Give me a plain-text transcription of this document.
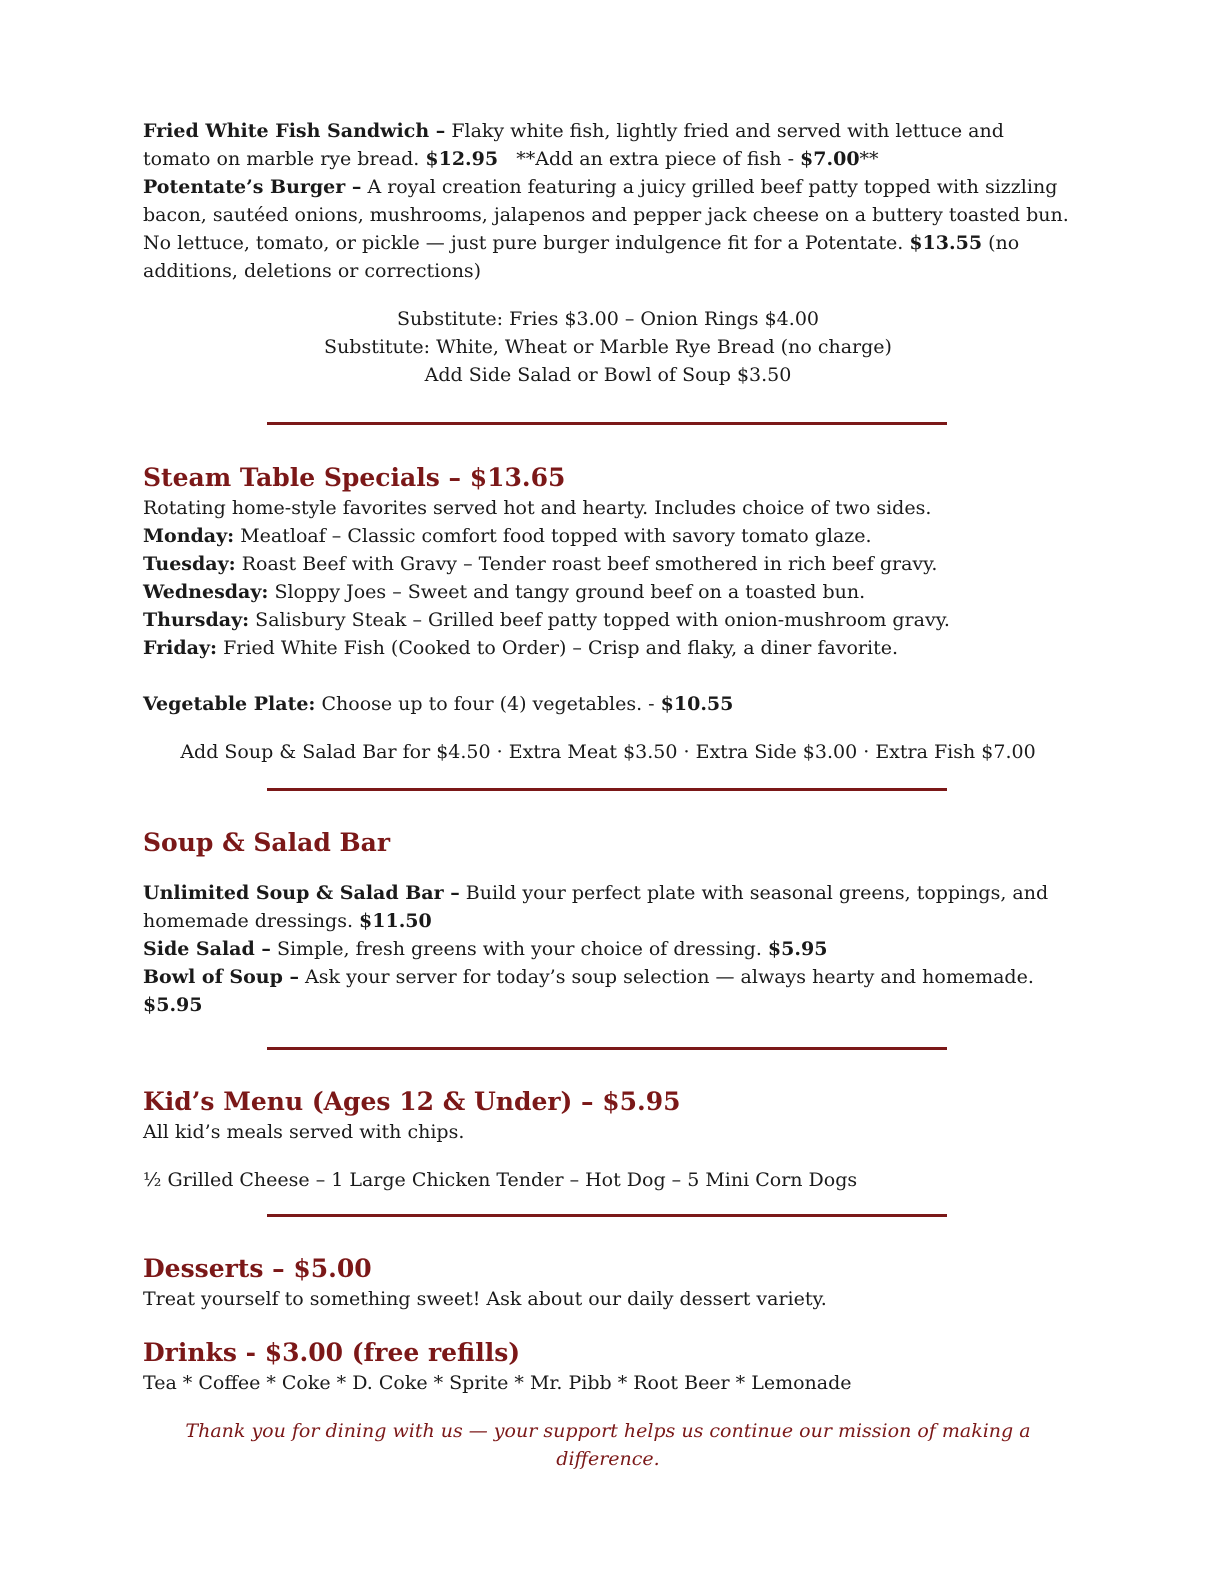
Fried White Fish Sandwich – Flaky white fish, lightly fried and served with lettuce and tomato on marble rye bread. $12.95 **Add an extra piece of fish - $7.00**

Potentate’s Burger – A royal creation featuring a juicy grilled beef patty topped with sizzling bacon, sautéed onions, mushrooms, jalapenos and pepper jack cheese on a buttery toasted bun. No lettuce, tomato, or pickle — just pure burger indulgence fit for a Potentate. $13.55 (no additions, deletions or corrections)

Substitute: Fries $3.00 – Onion Rings $4.00

Substitute: White, Wheat or Marble Rye Bread (no charge)

Add Side Salad or Bowl of Soup $3.50

Steam Table Specials – $13.65

Rotating home-style favorites served hot and hearty. Includes choice of two sides.

Monday: Meatloaf – Classic comfort food topped with savory tomato glaze.

Tuesday: Roast Beef with Gravy – Tender roast beef smothered in rich beef gravy.

Wednesday: Sloppy Joes – Sweet and tangy ground beef on a toasted bun.

Thursday: Salisbury Steak – Grilled beef patty topped with onion-mushroom gravy.

Friday: Fried White Fish (Cooked to Order) – Crisp and flaky, a diner favorite.

Vegetable Plate: Choose up to four (4) vegetables. - $10.55

Add Soup & Salad Bar for $4.50 · Extra Meat $3.50 · Extra Side $3.00 · Extra Fish $7.00

Soup & Salad Bar

Unlimited Soup & Salad Bar – Build your perfect plate with seasonal greens, toppings, and homemade dressings. $11.50

Side Salad – Simple, fresh greens with your choice of dressing. $5.95

Bowl of Soup – Ask your server for today’s soup selection — always hearty and homemade. $5.95

Kid’s Menu (Ages 12 & Under) – $5.95

All kid’s meals served with chips.

½ Grilled Cheese – 1 Large Chicken Tender – Hot Dog – 5 Mini Corn Dogs

Desserts – $5.00

Treat yourself to something sweet! Ask about our daily dessert variety.

Drinks - $3.00 (free refills)

Tea * Coffee * Coke * D. Coke * Sprite * Mr. Pibb * Root Beer * Lemonade

Thank you for dining with us — your support helps us continue our mission of making a difference.
